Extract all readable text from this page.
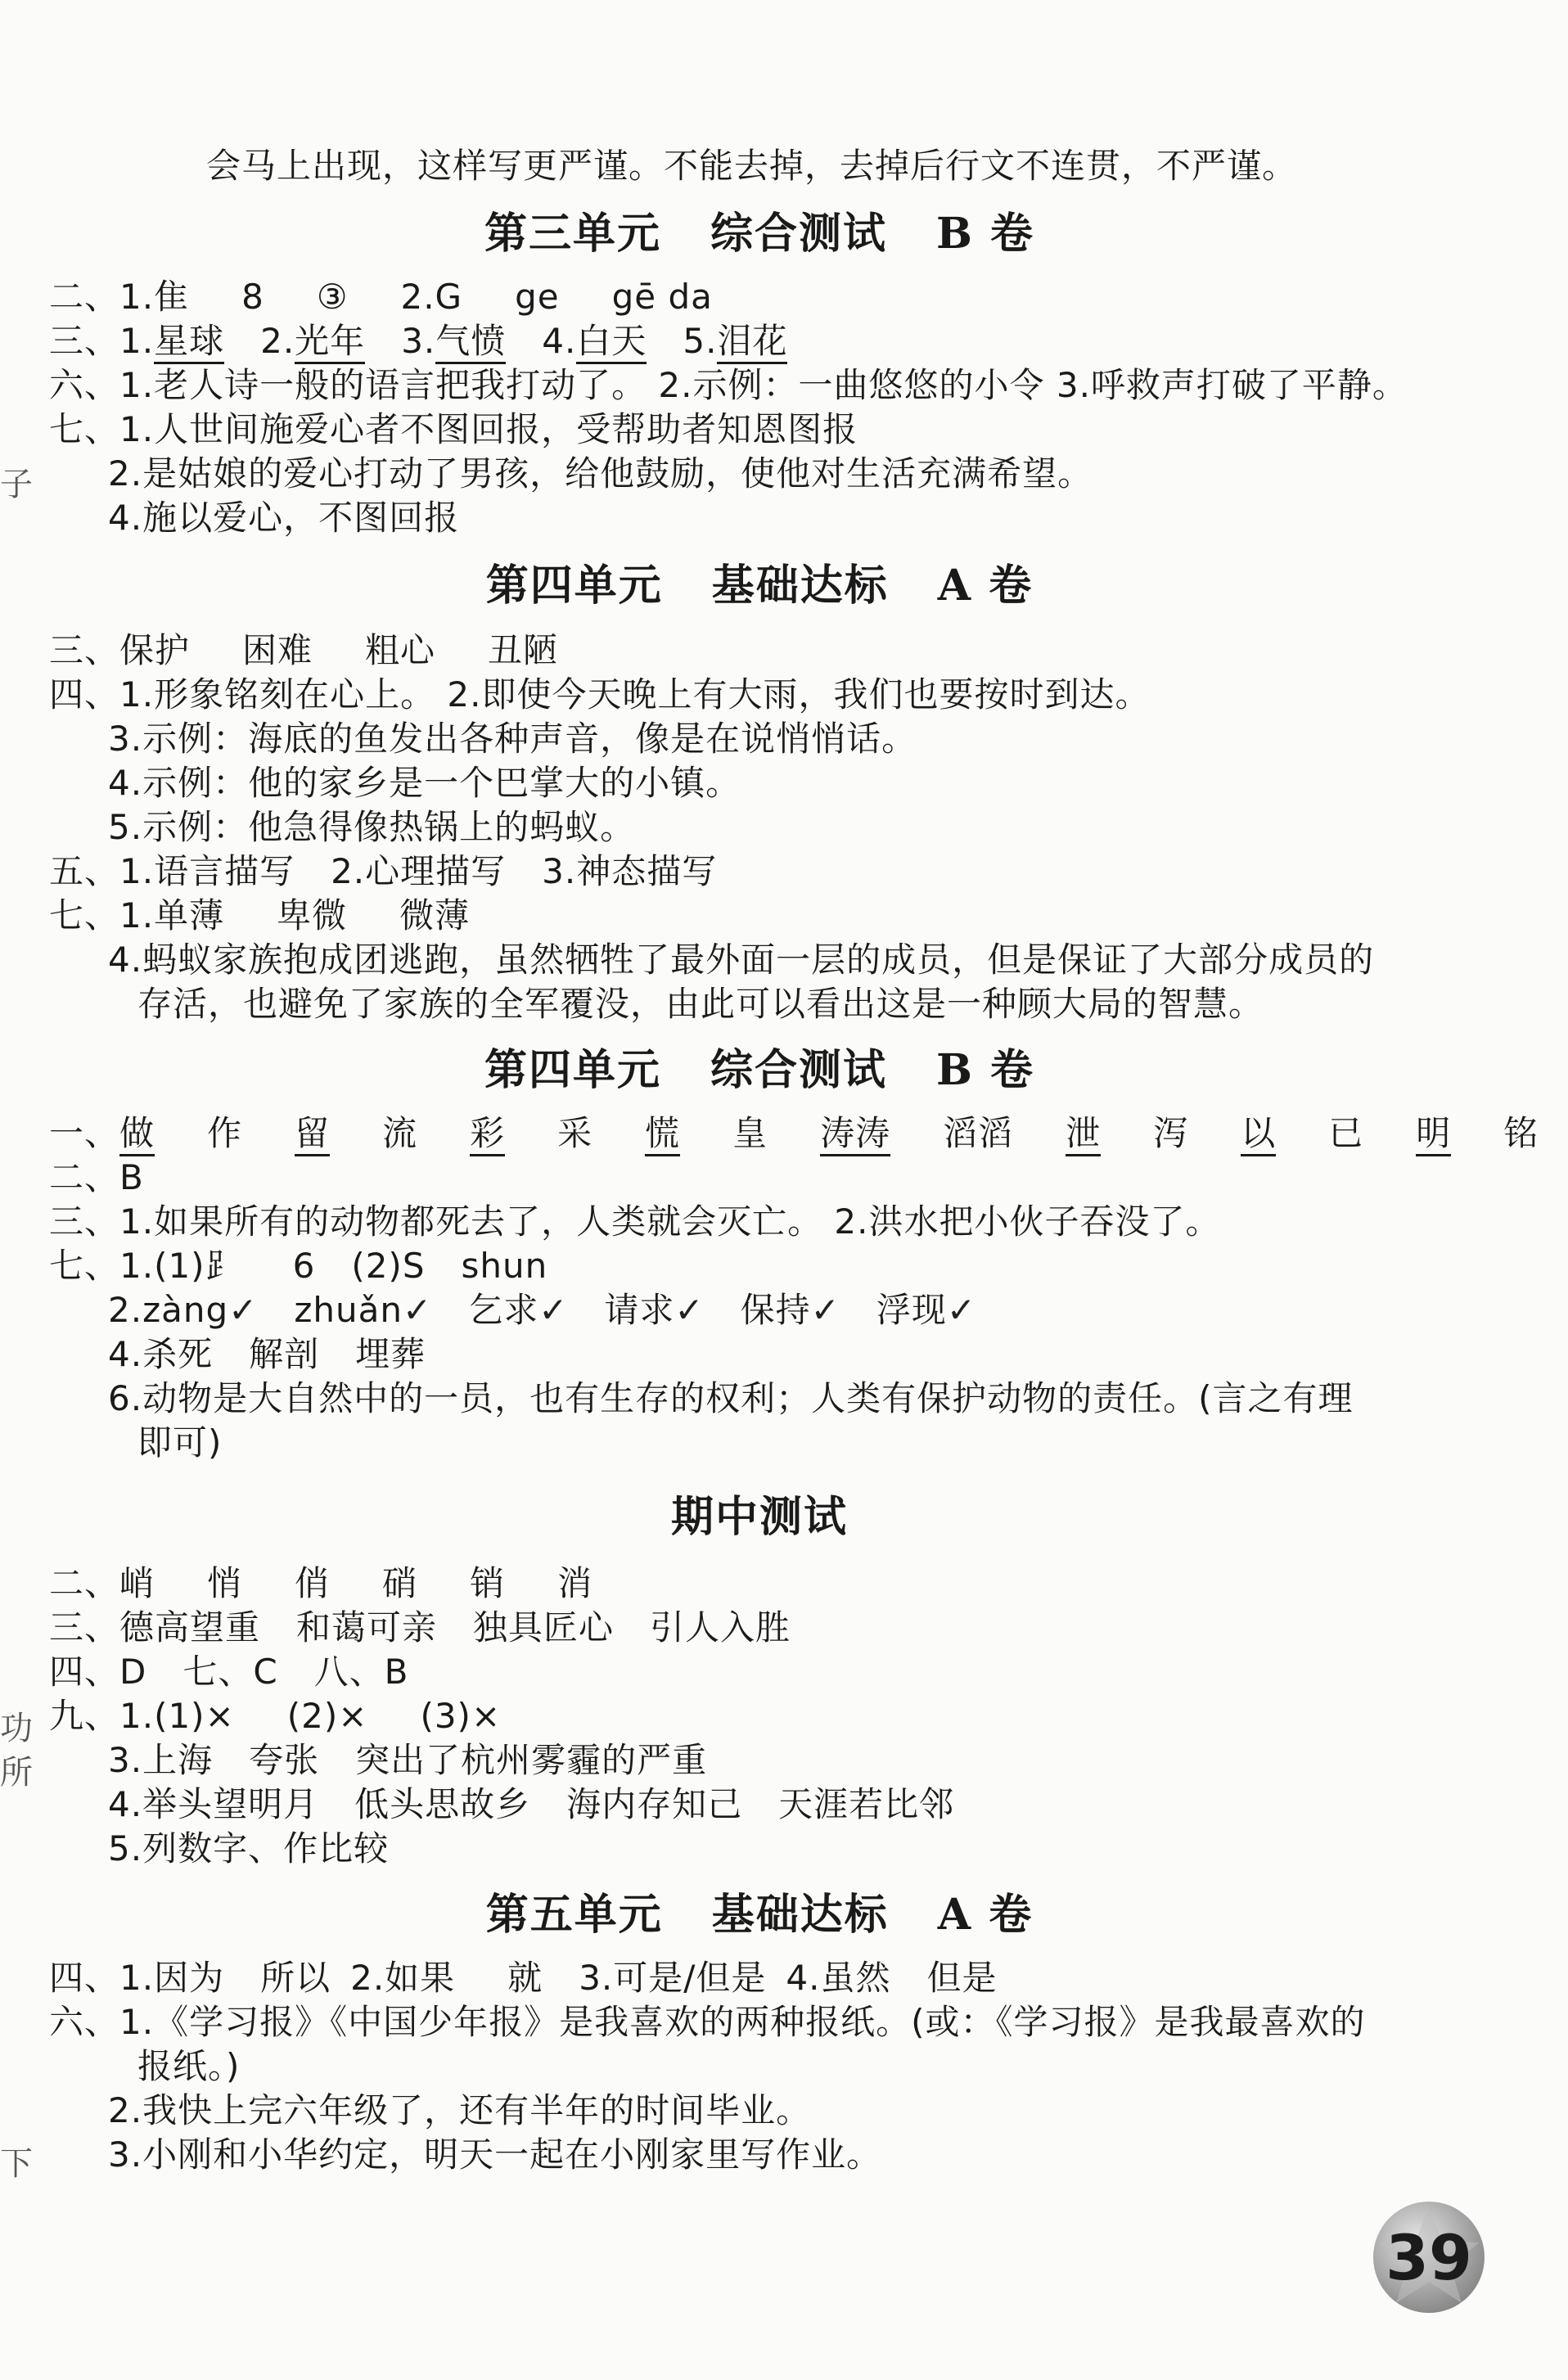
子
功
所
下
会马上出现，这样写更严谨。不能去掉，去掉后行文不连贯，不严谨。
第三单元 综合测试 B 卷
二、1.隹 8 ③ 2.G ge gē da
三、1.星球 2.光年 3.气愤 4.白天 5.泪花
六、1.老人诗一般的语言把我打动了。 2.示例：一曲悠悠的小令 3.呼救声打破了平静。
七、1.人世间施爱心者不图回报，受帮助者知恩图报
2.是姑娘的爱心打动了男孩，给他鼓励，使他对生活充满希望。
4.施以爱心，不图回报
第四单元 基础达标 A 卷
三、保护 困难 粗心 丑陋
四、1.形象铭刻在心上。 2.即使今天晚上有大雨，我们也要按时到达。
3.示例：海底的鱼发出各种声音，像是在说悄悄话。
4.示例：他的家乡是一个巴掌大的小镇。
5.示例：他急得像热锅上的蚂蚁。
五、1.语言描写 2.心理描写 3.神态描写
七、1.单薄 卑微 微薄
4.蚂蚁家族抱成团逃跑，虽然牺牲了最外面一层的成员，但是保证了大部分成员的
存活，也避免了家族的全军覆没，由此可以看出这是一种顾大局的智慧。
第四单元 综合测试 B 卷
一、做 作 留 流 彩 采 慌 皇 涛涛 滔滔 泄 泻 以 已 明 铭
二、B
三、1.如果所有的动物都死去了，人类就会灭亡。 2.洪水把小伙子吞没了。
七、1.(1)⻊ 6 (2)S shun
2.zàng✓ zhuǎn✓ 乞求✓ 请求✓ 保持✓ 浮现✓
4.杀死 解剖 埋葬
6.动物是大自然中的一员，也有生存的权利；人类有保护动物的责任。(言之有理
即可)
期中测试
二、峭 悄 俏 硝 销 消
三、德高望重 和蔼可亲 独具匠心 引人入胜
四、D 七、C 八、B
九、1.(1)× (2)× (3)×
3.上海 夸张 突出了杭州雾霾的严重
4.举头望明月 低头思故乡 海内存知己 天涯若比邻
5.列数字、作比较
第五单元 基础达标 A 卷
四、1.因为 所以 2.如果 就 3.可是/但是 4.虽然 但是
六、1.《学习报》《中国少年报》是我喜欢的两种报纸。(或：《学习报》是我最喜欢的
报纸。)
2.我快上完六年级了，还有半年的时间毕业。
3.小刚和小华约定，明天一起在小刚家里写作业。
39
